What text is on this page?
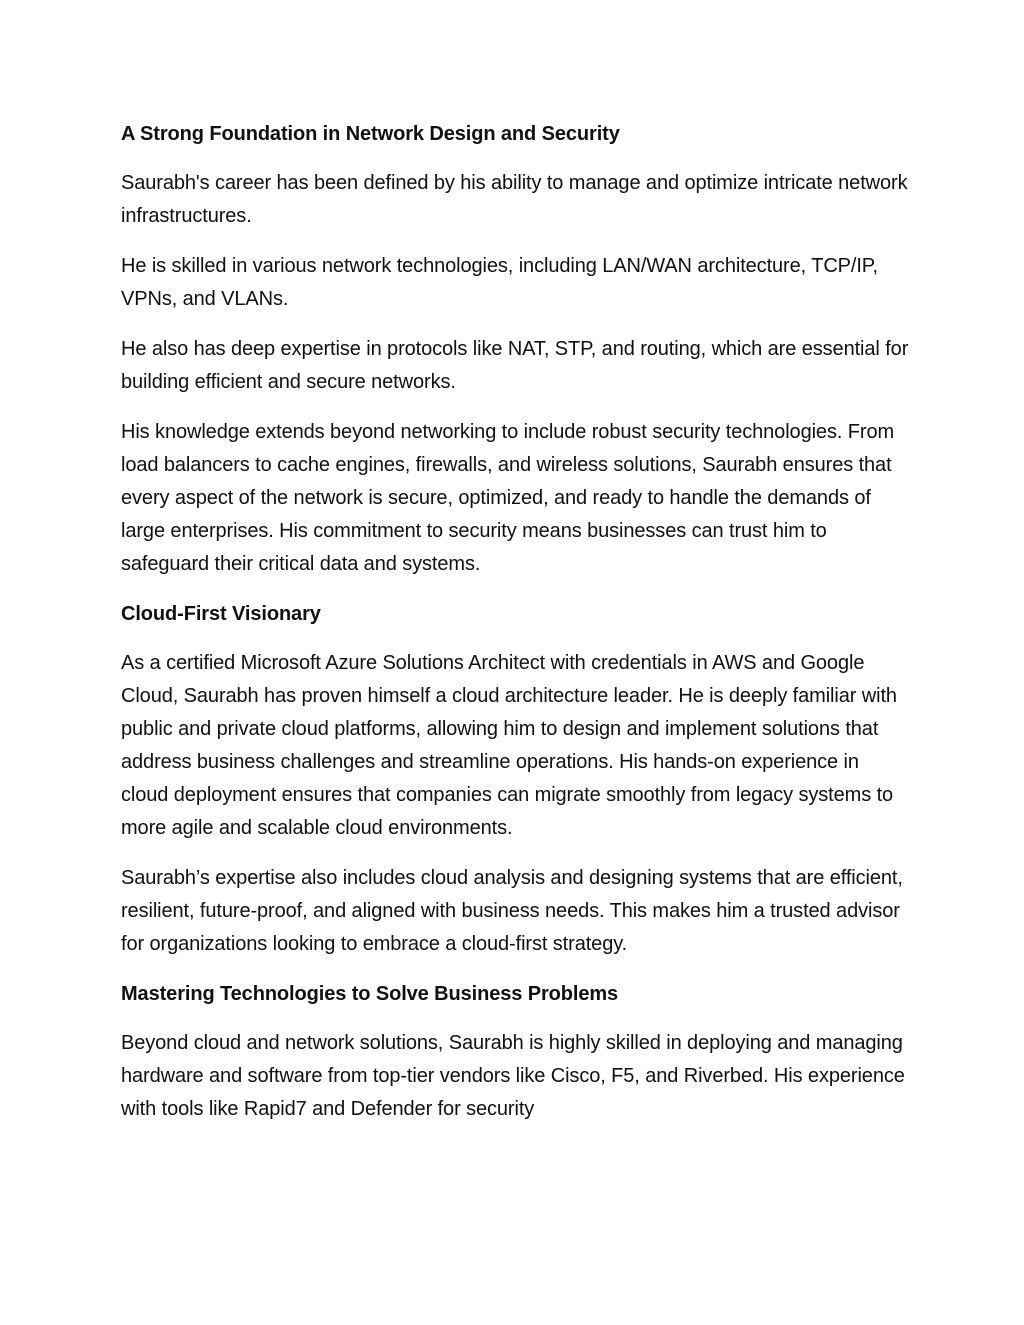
A Strong Foundation in Network Design and Security
Saurabh's career has been defined by his ability to manage and optimize intricate network infrastructures.
He is skilled in various network technologies, including LAN/WAN architecture, TCP/IP, VPNs, and VLANs.
He also has deep expertise in protocols like NAT, STP, and routing, which are essential for building efficient and secure networks.
His knowledge extends beyond networking to include robust security technologies. From load balancers to cache engines, firewalls, and wireless solutions, Saurabh ensures that every aspect of the network is secure, optimized, and ready to handle the demands of large enterprises. His commitment to security means businesses can trust him to safeguard their critical data and systems.
Cloud-First Visionary
As a certified Microsoft Azure Solutions Architect with credentials in AWS and Google Cloud, Saurabh has proven himself a cloud architecture leader. He is deeply familiar with public and private cloud platforms, allowing him to design and implement solutions that address business challenges and streamline operations. His hands-on experience in cloud deployment ensures that companies can migrate smoothly from legacy systems to more agile and scalable cloud environments.
Saurabh’s expertise also includes cloud analysis and designing systems that are efficient, resilient, future-proof, and aligned with business needs. This makes him a trusted advisor for organizations looking to embrace a cloud-first strategy.
Mastering Technologies to Solve Business Problems
Beyond cloud and network solutions, Saurabh is highly skilled in deploying and managing hardware and software from top-tier vendors like Cisco, F5, and Riverbed. His experience with tools like Rapid7 and Defender for security
